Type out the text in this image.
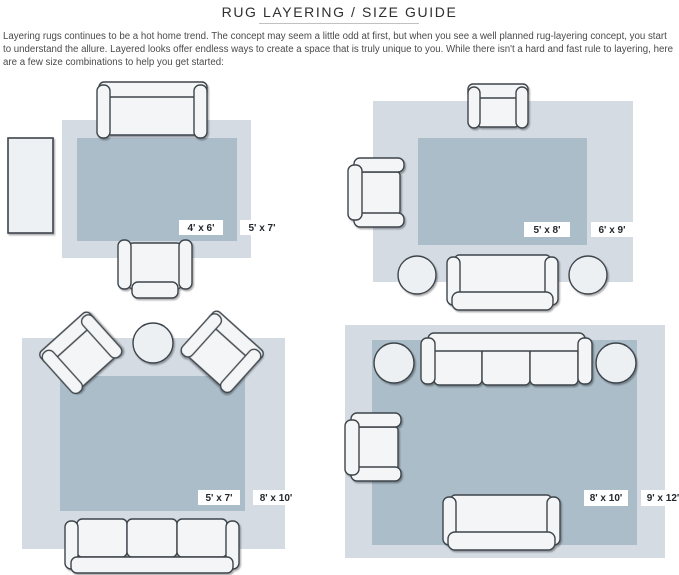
RUG LAYERING / SIZE GUIDE
Layering rugs continues to be a hot home trend. The concept may seem a little odd at first, but when you see a well planned rug-layering concept, you start to understand the allure. Layered looks offer endless ways to create a space that is truly unique to you. While there isn't a hard and fast rule to layering, here are a few size combinations to help you get started:
4' x 6'	5' x 7'	5' x 8'	6' x 9'
5' x 7'	8' x 10'	8' x 10' 9' x 12'
